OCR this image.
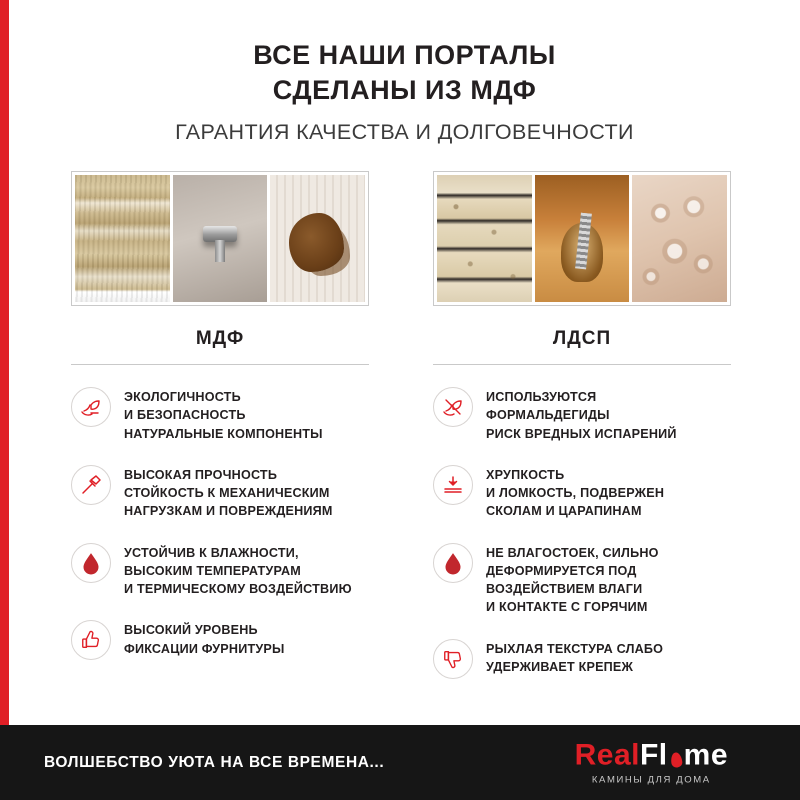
ВСЕ НАШИ ПОРТАЛЫ
СДЕЛАНЫ ИЗ МДФ
ГАРАНТИЯ КАЧЕСТВА И ДОЛГОВЕЧНОСТИ
МДФ
ЭКОЛОГИЧНОСТЬ
И БЕЗОПАСНОСТЬ
НАТУРАЛЬНЫЕ КОМПОНЕНТЫ
ВЫСОКАЯ ПРОЧНОСТЬ
СТОЙКОСТЬ К МЕХАНИЧЕСКИМ
НАГРУЗКАМ И ПОВРЕЖДЕНИЯМ
УСТОЙЧИВ К ВЛАЖНОСТИ,
ВЫСОКИМ ТЕМПЕРАТУРАМ
И ТЕРМИЧЕСКОМУ ВОЗДЕЙСТВИЮ
ВЫСОКИЙ УРОВЕНЬ
ФИКСАЦИИ ФУРНИТУРЫ
ЛДСП
ИСПОЛЬЗУЮТСЯ
ФОРМАЛЬДЕГИДЫ
РИСК ВРЕДНЫХ ИСПАРЕНИЙ
ХРУПКОСТЬ
И ЛОМКОСТЬ, ПОДВЕРЖЕН
СКОЛАМ И ЦАРАПИНАМ
НЕ ВЛАГОСТОЕК, СИЛЬНО
ДЕФОРМИРУЕТСЯ ПОД
ВОЗДЕЙСТВИЕМ ВЛАГИ
И КОНТАКТЕ С ГОРЯЧИМ
РЫХЛАЯ ТЕКСТУРА СЛАБО
УДЕРЖИВАЕТ КРЕПЕЖ
ВОЛШЕБСТВО УЮТА НА ВСЕ ВРЕМЕНА...	RealFl me
КАМИНЫ ДЛЯ ДОМА
